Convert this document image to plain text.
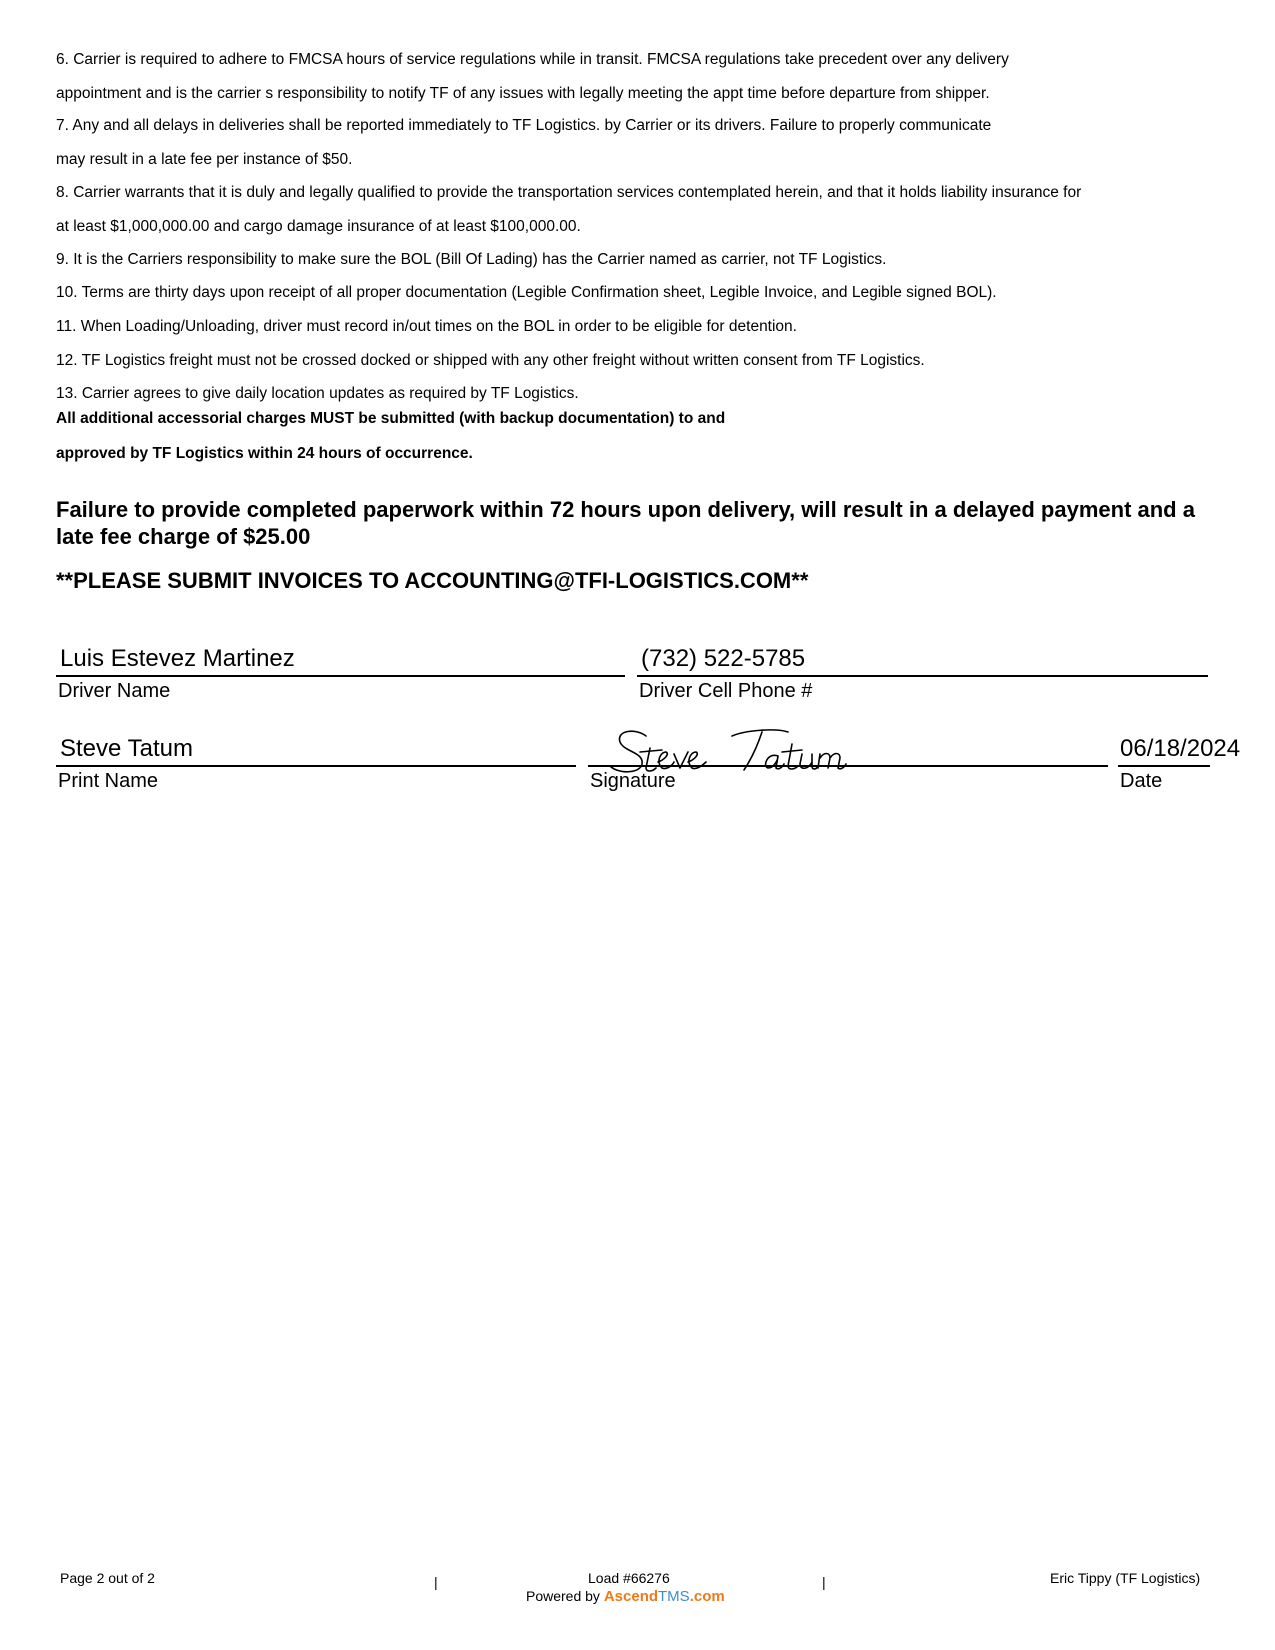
6. Carrier is required to adhere to FMCSA hours of service regulations while in transit. FMCSA regulations take precedent over any delivery
appointment and is the carrier s responsibility to notify TF of any issues with legally meeting the appt time before departure from shipper.
7. Any and all delays in deliveries shall be reported immediately to TF Logistics. by Carrier or its drivers. Failure to properly communicate
may result in a late fee per instance of $50.
8. Carrier warrants that it is duly and legally qualified to provide the transportation services contemplated herein, and that it holds liability insurance for
at least $1,000,000.00 and cargo damage insurance of at least $100,000.00.
9. It is the Carriers responsibility to make sure the BOL (Bill Of Lading) has the Carrier named as carrier, not TF Logistics.
10. Terms are thirty days upon receipt of all proper documentation (Legible Confirmation sheet, Legible Invoice, and Legible signed BOL).
11. When Loading/Unloading, driver must record in/out times on the BOL in order to be eligible for detention.
12. TF Logistics freight must not be crossed docked or shipped with any other freight without written consent from TF Logistics.
13. Carrier agrees to give daily location updates as required by TF Logistics.
All additional accessorial charges MUST be submitted (with backup documentation) to and
approved by TF Logistics within 24 hours of occurrence.
Failure to provide completed paperwork within 72 hours upon delivery, will result in a delayed payment and a late fee charge of $25.00
**PLEASE SUBMIT INVOICES TO ACCOUNTING@TFI-LOGISTICS.COM**
Luis Estevez Martinez
Driver Name
(732) 522-5785
Driver Cell Phone #
Steve Tatum
Print Name	Signature
06/18/2024
Date
Page 2 out of 2	|	Load #66276
Powered by AscendTMS.com
|	Eric Tippy (TF Logistics)
